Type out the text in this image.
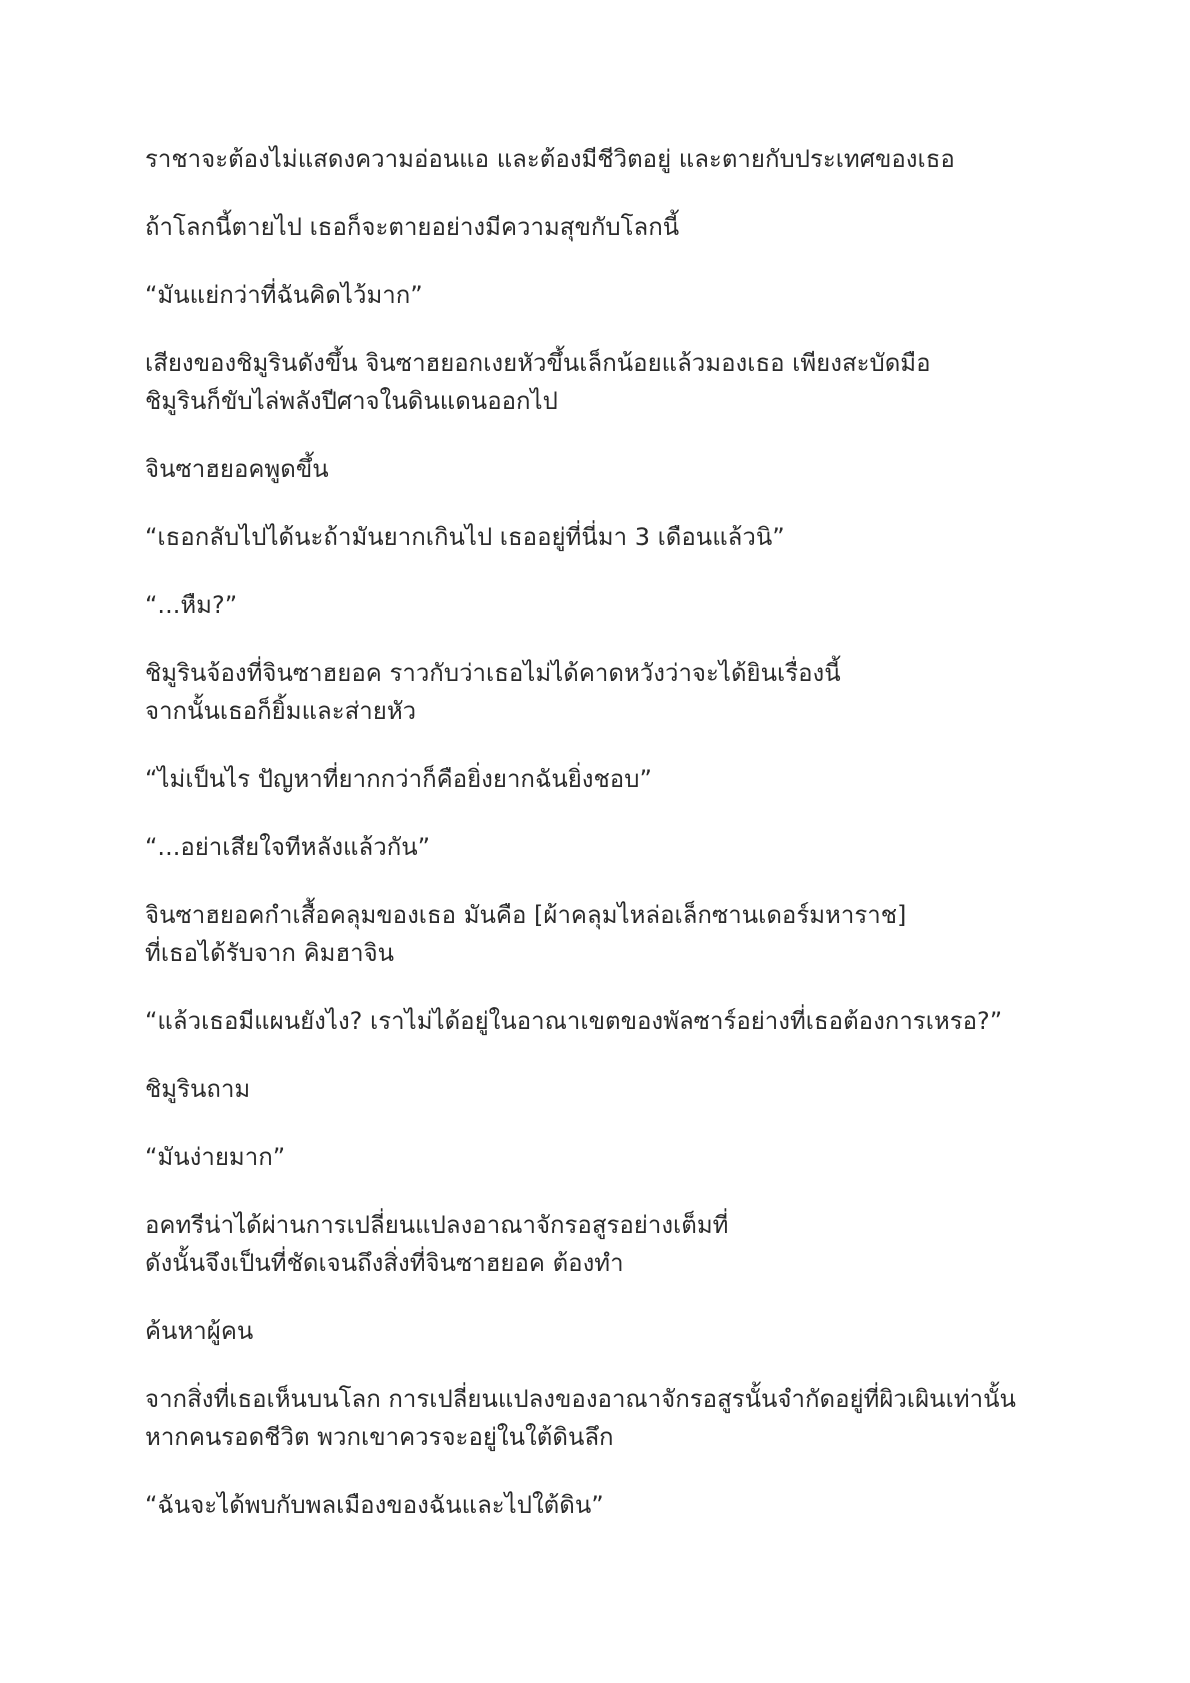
ราชาจะต้องไม่แสดงความอ่อนแอ และต้องมีชีวิตอยู่ และตายกับประเทศของเธอ

ถ้าโลกนี้ตายไป เธอก็จะตายอย่างมีความสุขกับโลกนี้

“มันแย่กว่าที่ฉันคิดไว้มาก”

เสียงของชิมูรินดังขึ้น จินซาฮยอกเงยหัวขึ้นเล็กน้อยแล้วมองเธอ เพียงสะบัดมือ
ชิมูรินก็ขับไล่พลังปีศาจในดินแดนออกไป

จินซาฮยอคพูดขึ้น

“เธอกลับไปได้นะถ้ามันยากเกินไป เธออยู่ที่นี่มา 3 เดือนแล้วนิ”

“...หืม?”

ชิมูรินจ้องที่จินซาฮยอค ราวกับว่าเธอไม่ได้คาดหวังว่าจะได้ยินเรื่องนี้
จากนั้นเธอก็ยิ้มและส่ายหัว

“ไม่เป็นไร ปัญหาที่ยากกว่าก็คือยิ่งยากฉันยิ่งชอบ”

“...อย่าเสียใจทีหลังแล้วกัน”

จินซาฮยอคกำเสื้อคลุมของเธอ มันคือ [ผ้าคลุมไหล่อเล็กซานเดอร์มหาราช]
ที่เธอได้รับจาก คิมฮาจิน

“แล้วเธอมีแผนยังไง? เราไม่ได้อยู่ในอาณาเขตของพัลซาร์อย่างที่เธอต้องการเหรอ?”

ชิมูรินถาม

“มันง่ายมาก”

อคทรีน่าได้ผ่านการเปลี่ยนแปลงอาณาจักรอสูรอย่างเต็มที่
ดังนั้นจึงเป็นที่ชัดเจนถึงสิ่งที่จินซาฮยอค ต้องทำ

ค้นหาผู้คน

จากสิ่งที่เธอเห็นบนโลก การเปลี่ยนแปลงของอาณาจักรอสูรนั้นจำกัดอยู่ที่ผิวเผินเท่านั้น
หากคนรอดชีวิต พวกเขาควรจะอยู่ในใต้ดินลึก

“ฉันจะได้พบกับพลเมืองของฉันและไปใต้ดิน”
